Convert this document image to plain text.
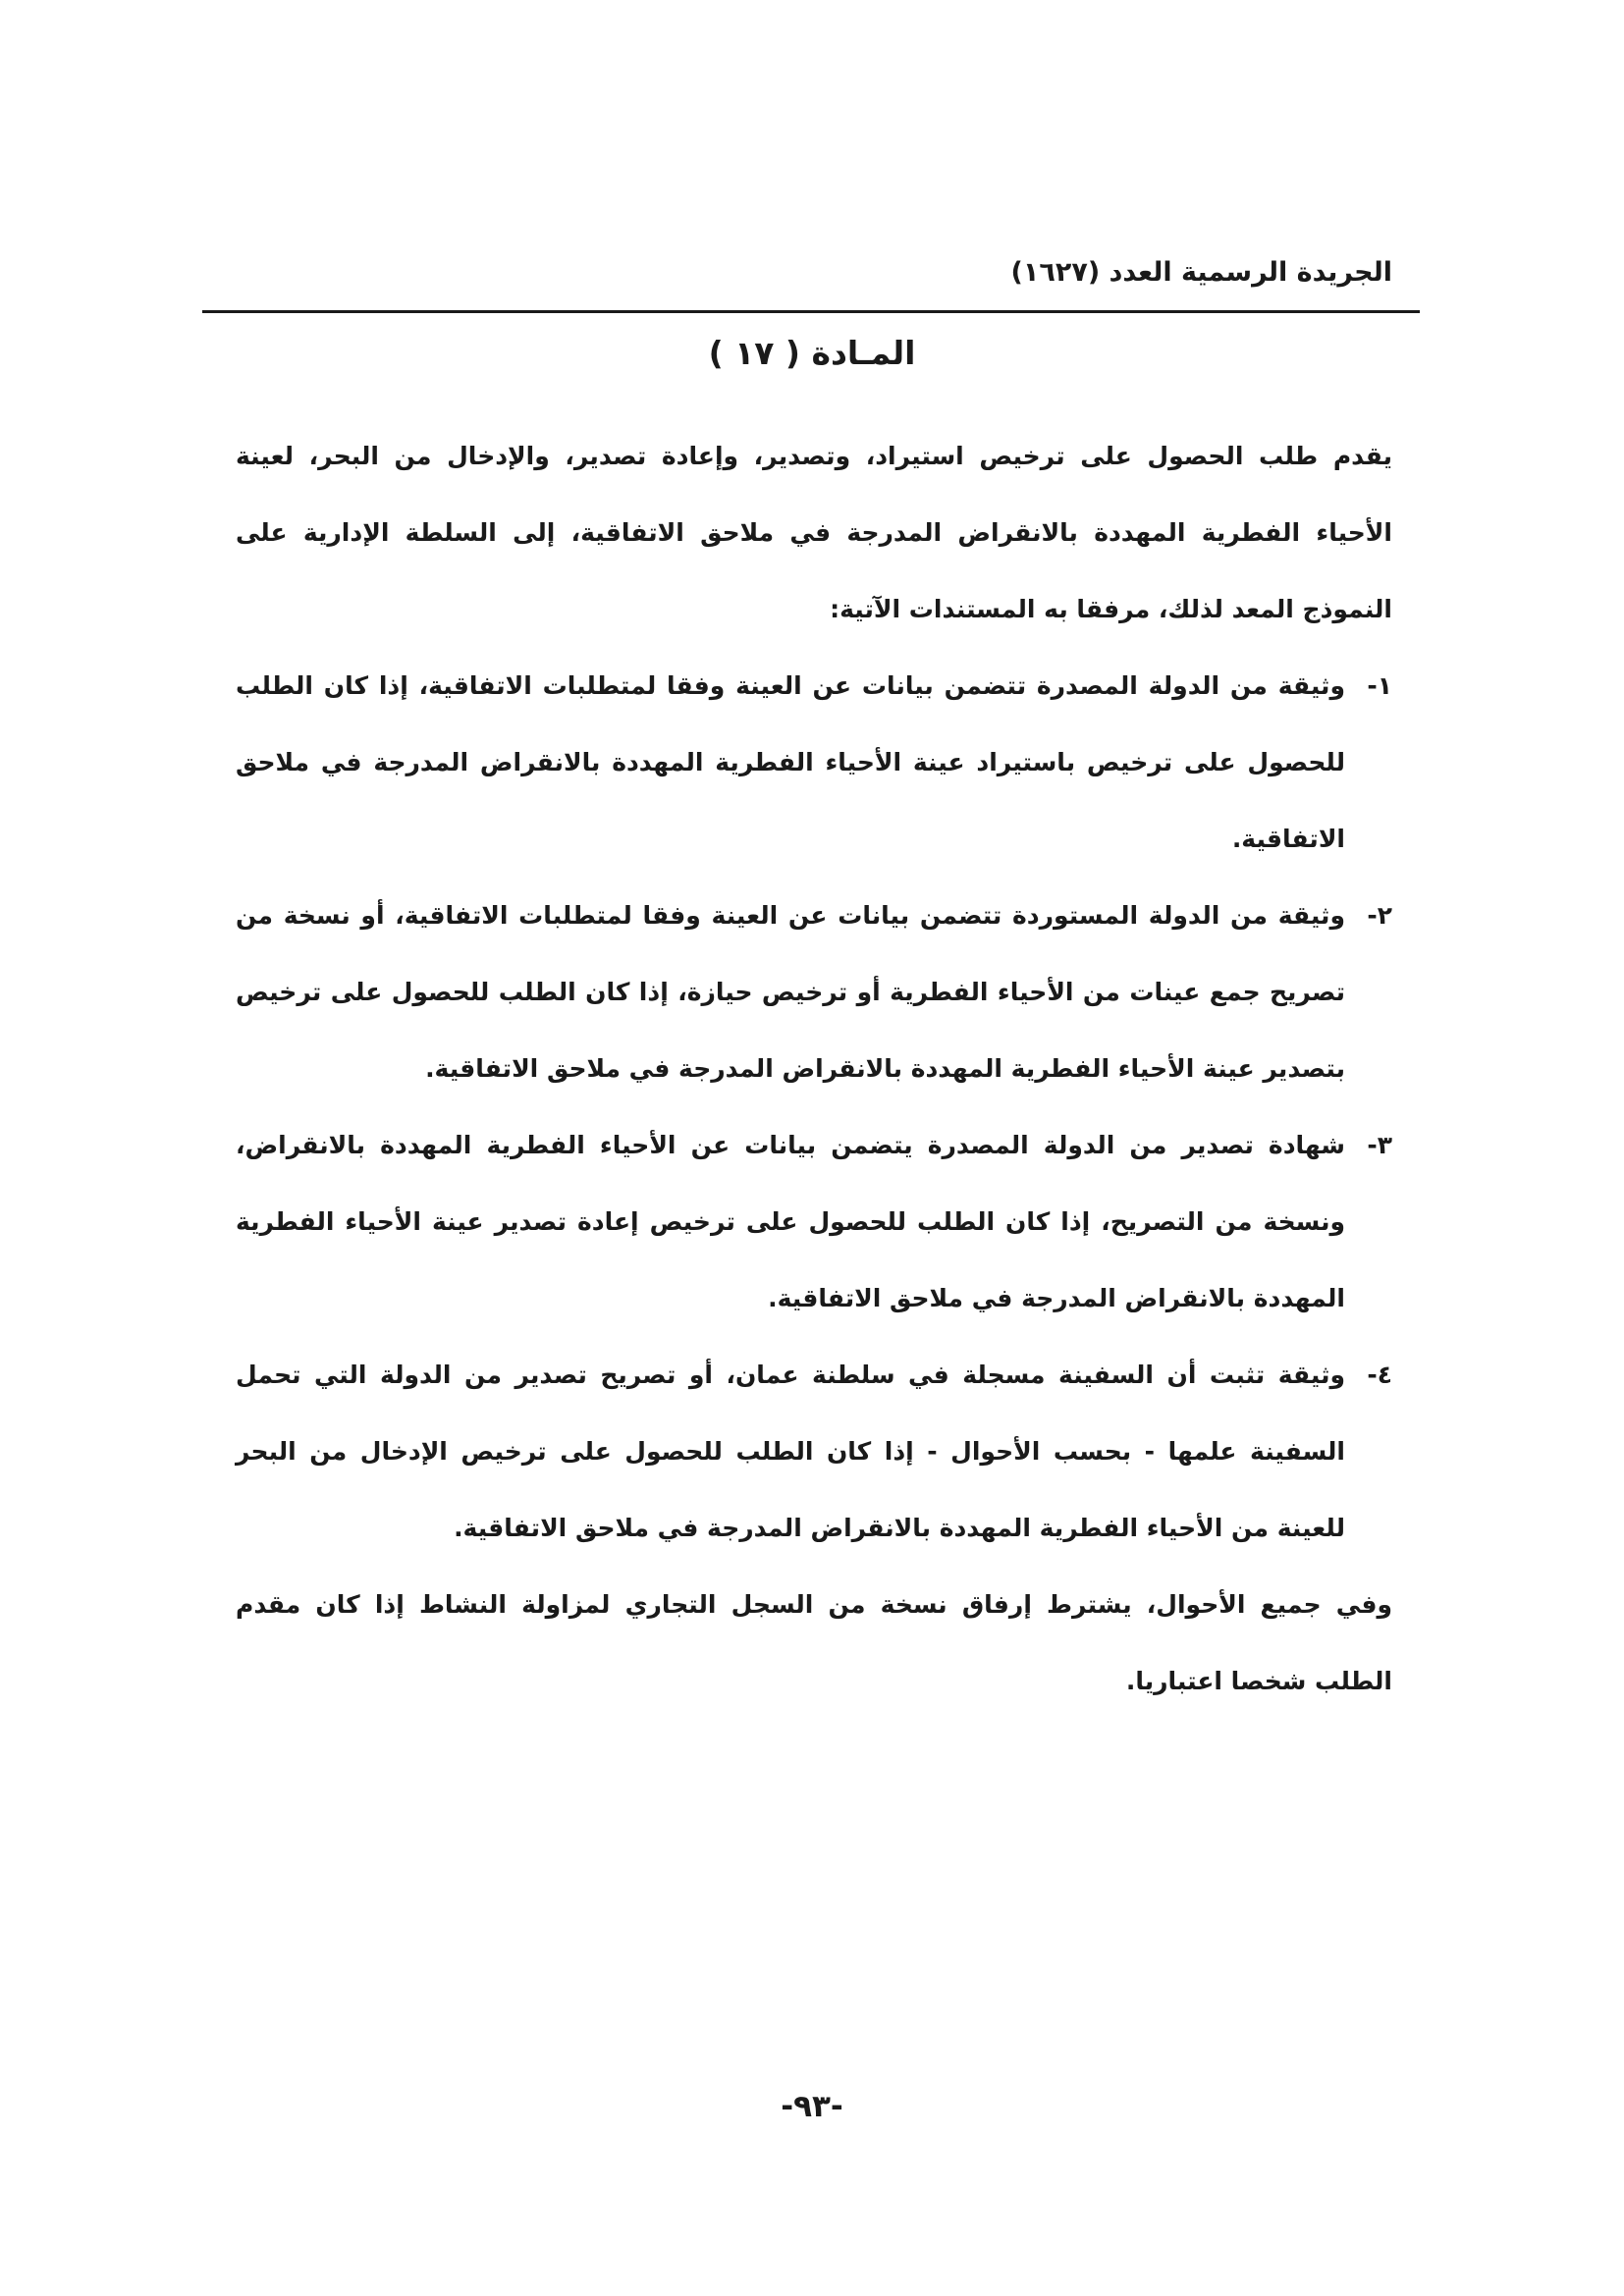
الجريدة الرسمية العدد (١٦٢٧)
المـادة ( ١٧ )

يقدم طلب الحصول على ترخيص استيراد، وتصدير، وإعادة تصدير، والإدخال من البحر، لعينة الأحياء الفطرية المهددة بالانقراض المدرجة في ملاحق الاتفاقية، إلى السلطة الإدارية على النموذج المعد لذلك، مرفقا به المستندات الآتية:

١-
وثيقة من الدولة المصدرة تتضمن بيانات عن العينة وفقا لمتطلبات الاتفاقية، إذا كان الطلب للحصول على ترخيص باستيراد عينة الأحياء الفطرية المهددة بالانقراض المدرجة في ملاحق الاتفاقية.
٢-
وثيقة من الدولة المستوردة تتضمن بيانات عن العينة وفقا لمتطلبات الاتفاقية، أو نسخة من تصريح جمع عينات من الأحياء الفطرية أو ترخيص حيازة، إذا كان الطلب للحصول على ترخيص بتصدير عينة الأحياء الفطرية المهددة بالانقراض المدرجة في ملاحق الاتفاقية.
٣-
شهادة تصدير من الدولة المصدرة يتضمن بيانات عن الأحياء الفطرية المهددة بالانقراض، ونسخة من التصريح، إذا كان الطلب للحصول على ترخيص إعادة تصدير عينة الأحياء الفطرية المهددة بالانقراض المدرجة في ملاحق الاتفاقية.
٤-
وثيقة تثبت أن السفينة مسجلة في سلطنة عمان، أو تصريح تصدير من الدولة التي تحمل السفينة علمها - بحسب الأحوال - إذا كان الطلب للحصول على ترخيص الإدخال من البحر للعينة من الأحياء الفطرية المهددة بالانقراض المدرجة في ملاحق الاتفاقية.

وفي جميع الأحوال، يشترط إرفاق نسخة من السجل التجاري لمزاولة النشاط إذا كان مقدم الطلب شخصا اعتباريا.

-٩٣-
